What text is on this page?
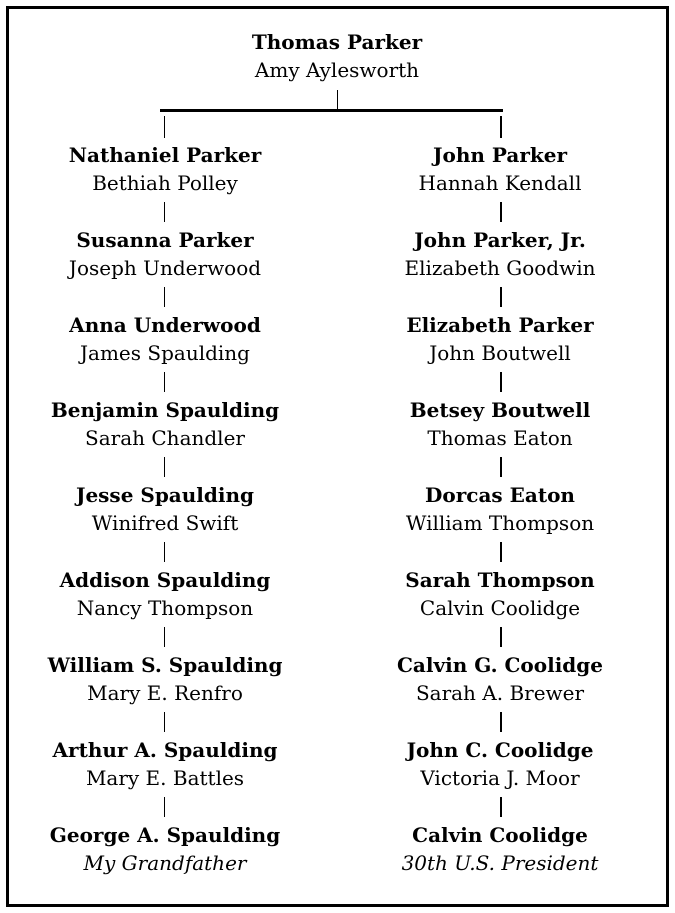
Thomas Parker
Amy Aylesworth
Nathaniel Parker
Bethiah Polley
Susanna Parker
Joseph Underwood
Anna Underwood
James Spaulding
Benjamin Spaulding
Sarah Chandler
Jesse Spaulding
Winifred Swift
Addison Spaulding
Nancy Thompson
William S. Spaulding
Mary E. Renfro
Arthur A. Spaulding
Mary E. Battles
George A. Spaulding
My Grandfather
John Parker
Hannah Kendall
John Parker, Jr.
Elizabeth Goodwin
Elizabeth Parker
John Boutwell
Betsey Boutwell
Thomas Eaton
Dorcas Eaton
William Thompson
Sarah Thompson
Calvin Coolidge
Calvin G. Coolidge
Sarah A. Brewer
John C. Coolidge
Victoria J. Moor
Calvin Coolidge
30th U.S. President
